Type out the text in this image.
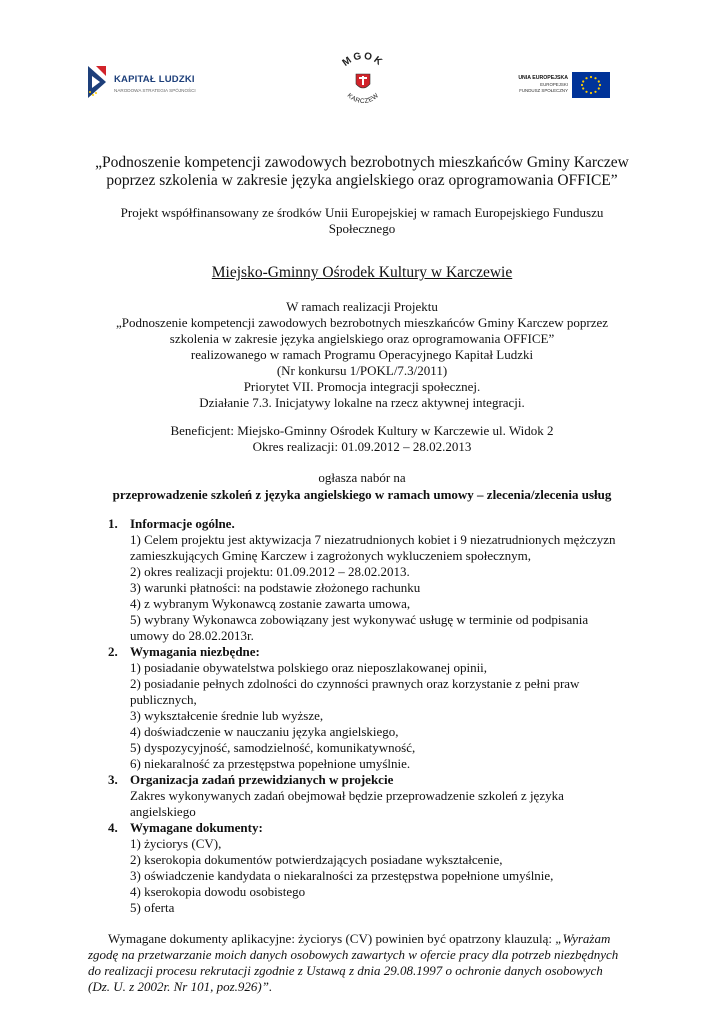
KAPITAŁ LUDZKI
NARODOWA STRATEGIA SPÓJNOŚCI
MGOK
KARCZEW
UNIA EUROPEJSKA
EUROPEJSKI
FUNDUSZ SPOŁECZNY
„Podnoszenie kompetencji zawodowych bezrobotnych mieszkańców Gminy Karczew
poprzez szkolenia w zakresie języka angielskiego oraz oprogramowania OFFICE”
Projekt współfinansowany ze środków Unii Europejskiej w ramach Europejskiego Funduszu
Społecznego
Miejsko-Gminny Ośrodek Kultury w Karczewie
W ramach realizacji Projektu
„Podnoszenie kompetencji zawodowych bezrobotnych mieszkańców Gminy Karczew poprzez
szkolenia w zakresie języka angielskiego oraz oprogramowania OFFICE”
realizowanego w ramach Programu Operacyjnego Kapitał Ludzki
(Nr konkursu 1/POKL/7.3/2011)
Priorytet VII. Promocja integracji społecznej.
Działanie 7.3. Inicjatywy lokalne na rzecz aktywnej integracji.
Beneficjent: Miejsko-Gminny Ośrodek Kultury w Karczewie ul. Widok 2
Okres realizacji: 01.09.2012 – 28.02.2013
ogłasza nabór na
przeprowadzenie szkoleń z języka angielskiego w ramach umowy – zlecenia/zlecenia usług
1. Informacje ogólne.
1) Celem projektu jest aktywizacja 7 niezatrudnionych kobiet i 9 niezatrudnionych mężczyzn
zamieszkujących Gminę Karczew i zagrożonych wykluczeniem społecznym,
2) okres realizacji projektu: 01.09.2012 – 28.02.2013.
3) warunki płatności: na podstawie złożonego rachunku
4) z wybranym Wykonawcą zostanie zawarta umowa,
5) wybrany Wykonawca zobowiązany jest wykonywać usługę w terminie od podpisania
umowy do 28.02.2013r.
2. Wymagania niezbędne:
1) posiadanie obywatelstwa polskiego oraz nieposzlakowanej opinii,
2) posiadanie pełnych zdolności do czynności prawnych oraz korzystanie z pełni praw
publicznych,
3) wykształcenie średnie lub wyższe,
4) doświadczenie w nauczaniu języka angielskiego,
5) dyspozycyjność, samodzielność, komunikatywność,
6) niekaralność za przestępstwa popełnione umyślnie.
3. Organizacja zadań przewidzianych w projekcie
Zakres wykonywanych zadań obejmował będzie przeprowadzenie szkoleń z języka
angielskiego
4. Wymagane dokumenty:
1) życiorys (CV),
2) kserokopia dokumentów potwierdzających posiadane wykształcenie,
3) oświadczenie kandydata o niekaralności za przestępstwa popełnione umyślnie,
4) kserokopia dowodu osobistego
5) oferta
Wymagane dokumenty aplikacyjne: życiorys (CV) powinien być opatrzony klauzulą: „Wyrażam
zgodę na przetwarzanie moich danych osobowych zawartych w ofercie pracy dla potrzeb niezbędnych
do realizacji procesu rekrutacji zgodnie z Ustawą z dnia 29.08.1997 o ochronie danych osobowych
(Dz. U. z 2002r. Nr 101, poz.926)”.
